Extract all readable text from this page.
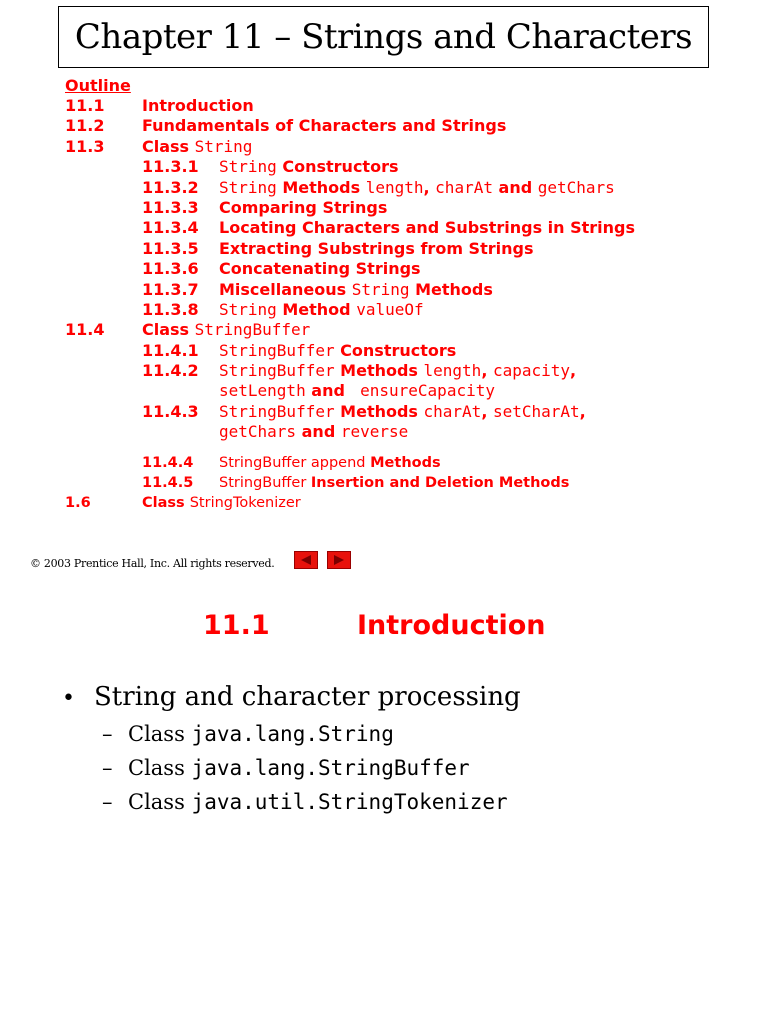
Chapter 11 – Strings and Characters
Outline
11.1	Introduction
11.2	Fundamentals of Characters and Strings
11.3	Class String
11.3.1	String Constructors
11.3.2	String Methods length, charAt and getChars
11.3.3	Comparing Strings
11.3.4	Locating Characters and Substrings in Strings
11.3.5	Extracting Substrings from Strings
11.3.6	Concatenating Strings
11.3.7	Miscellaneous String Methods
11.3.8	String Method valueOf
11.4	Class StringBuffer
11.4.1	StringBuffer Constructors
11.4.2	StringBuffer Methods length, capacity,
setLength and  ensureCapacity
11.4.3	StringBuffer Methods charAt, setCharAt,
getChars and reverse
11.4.4	StringBuffer append Methods
11.4.5	StringBuffer Insertion and Deletion Methods
1.6	Class StringTokenizer
© 2003 Prentice Hall, Inc. All rights reserved.
11.1	Introduction
• String and character processing
– Class java.lang.String
– Class java.lang.StringBuffer
– Class java.util.StringTokenizer
